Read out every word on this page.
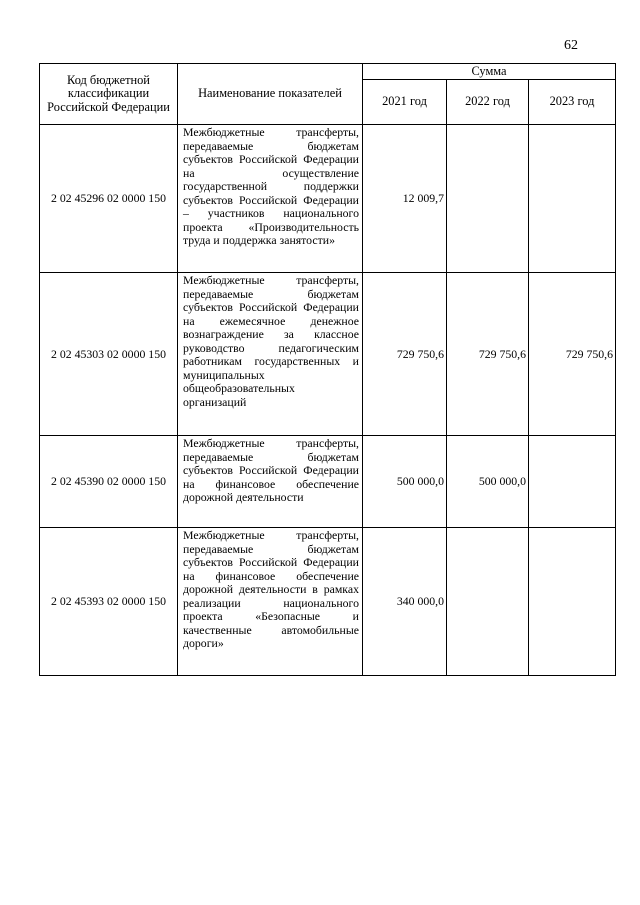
62
Код бюджетной классификации Российской Федерации	Наименование показателей	Сумма		
		2021 год	2022 год	2023 год
2 02 45296 02 0000 150	Межбюджетные трансферты, передаваемые бюджетам субъектов Российской Федерации на осуществление государственной поддержки субъектов Российской Федерации – участников национального проекта «Производительность труда и поддержка занятости»	12 009,7		
2 02 45303 02 0000 150	Межбюджетные трансферты, передаваемые бюджетам субъектов Российской Федерации на ежемесячное денежное вознаграждение за классное руководство педагогическим работникам государственных и муниципальных общеобразовательных организаций	729 750,6	729 750,6	729 750,6
2 02 45390 02 0000 150	Межбюджетные трансферты, передаваемые бюджетам субъектов Российской Федерации на финансовое обеспечение дорожной деятельности	500 000,0	500 000,0	
2 02 45393 02 0000 150	Межбюджетные трансферты, передаваемые бюджетам субъектов Российской Федерации на финансовое обеспечение дорожной деятельности в рамках реализации национального проекта «Безопасные и качественные автомобильные дороги»	340 000,0		
